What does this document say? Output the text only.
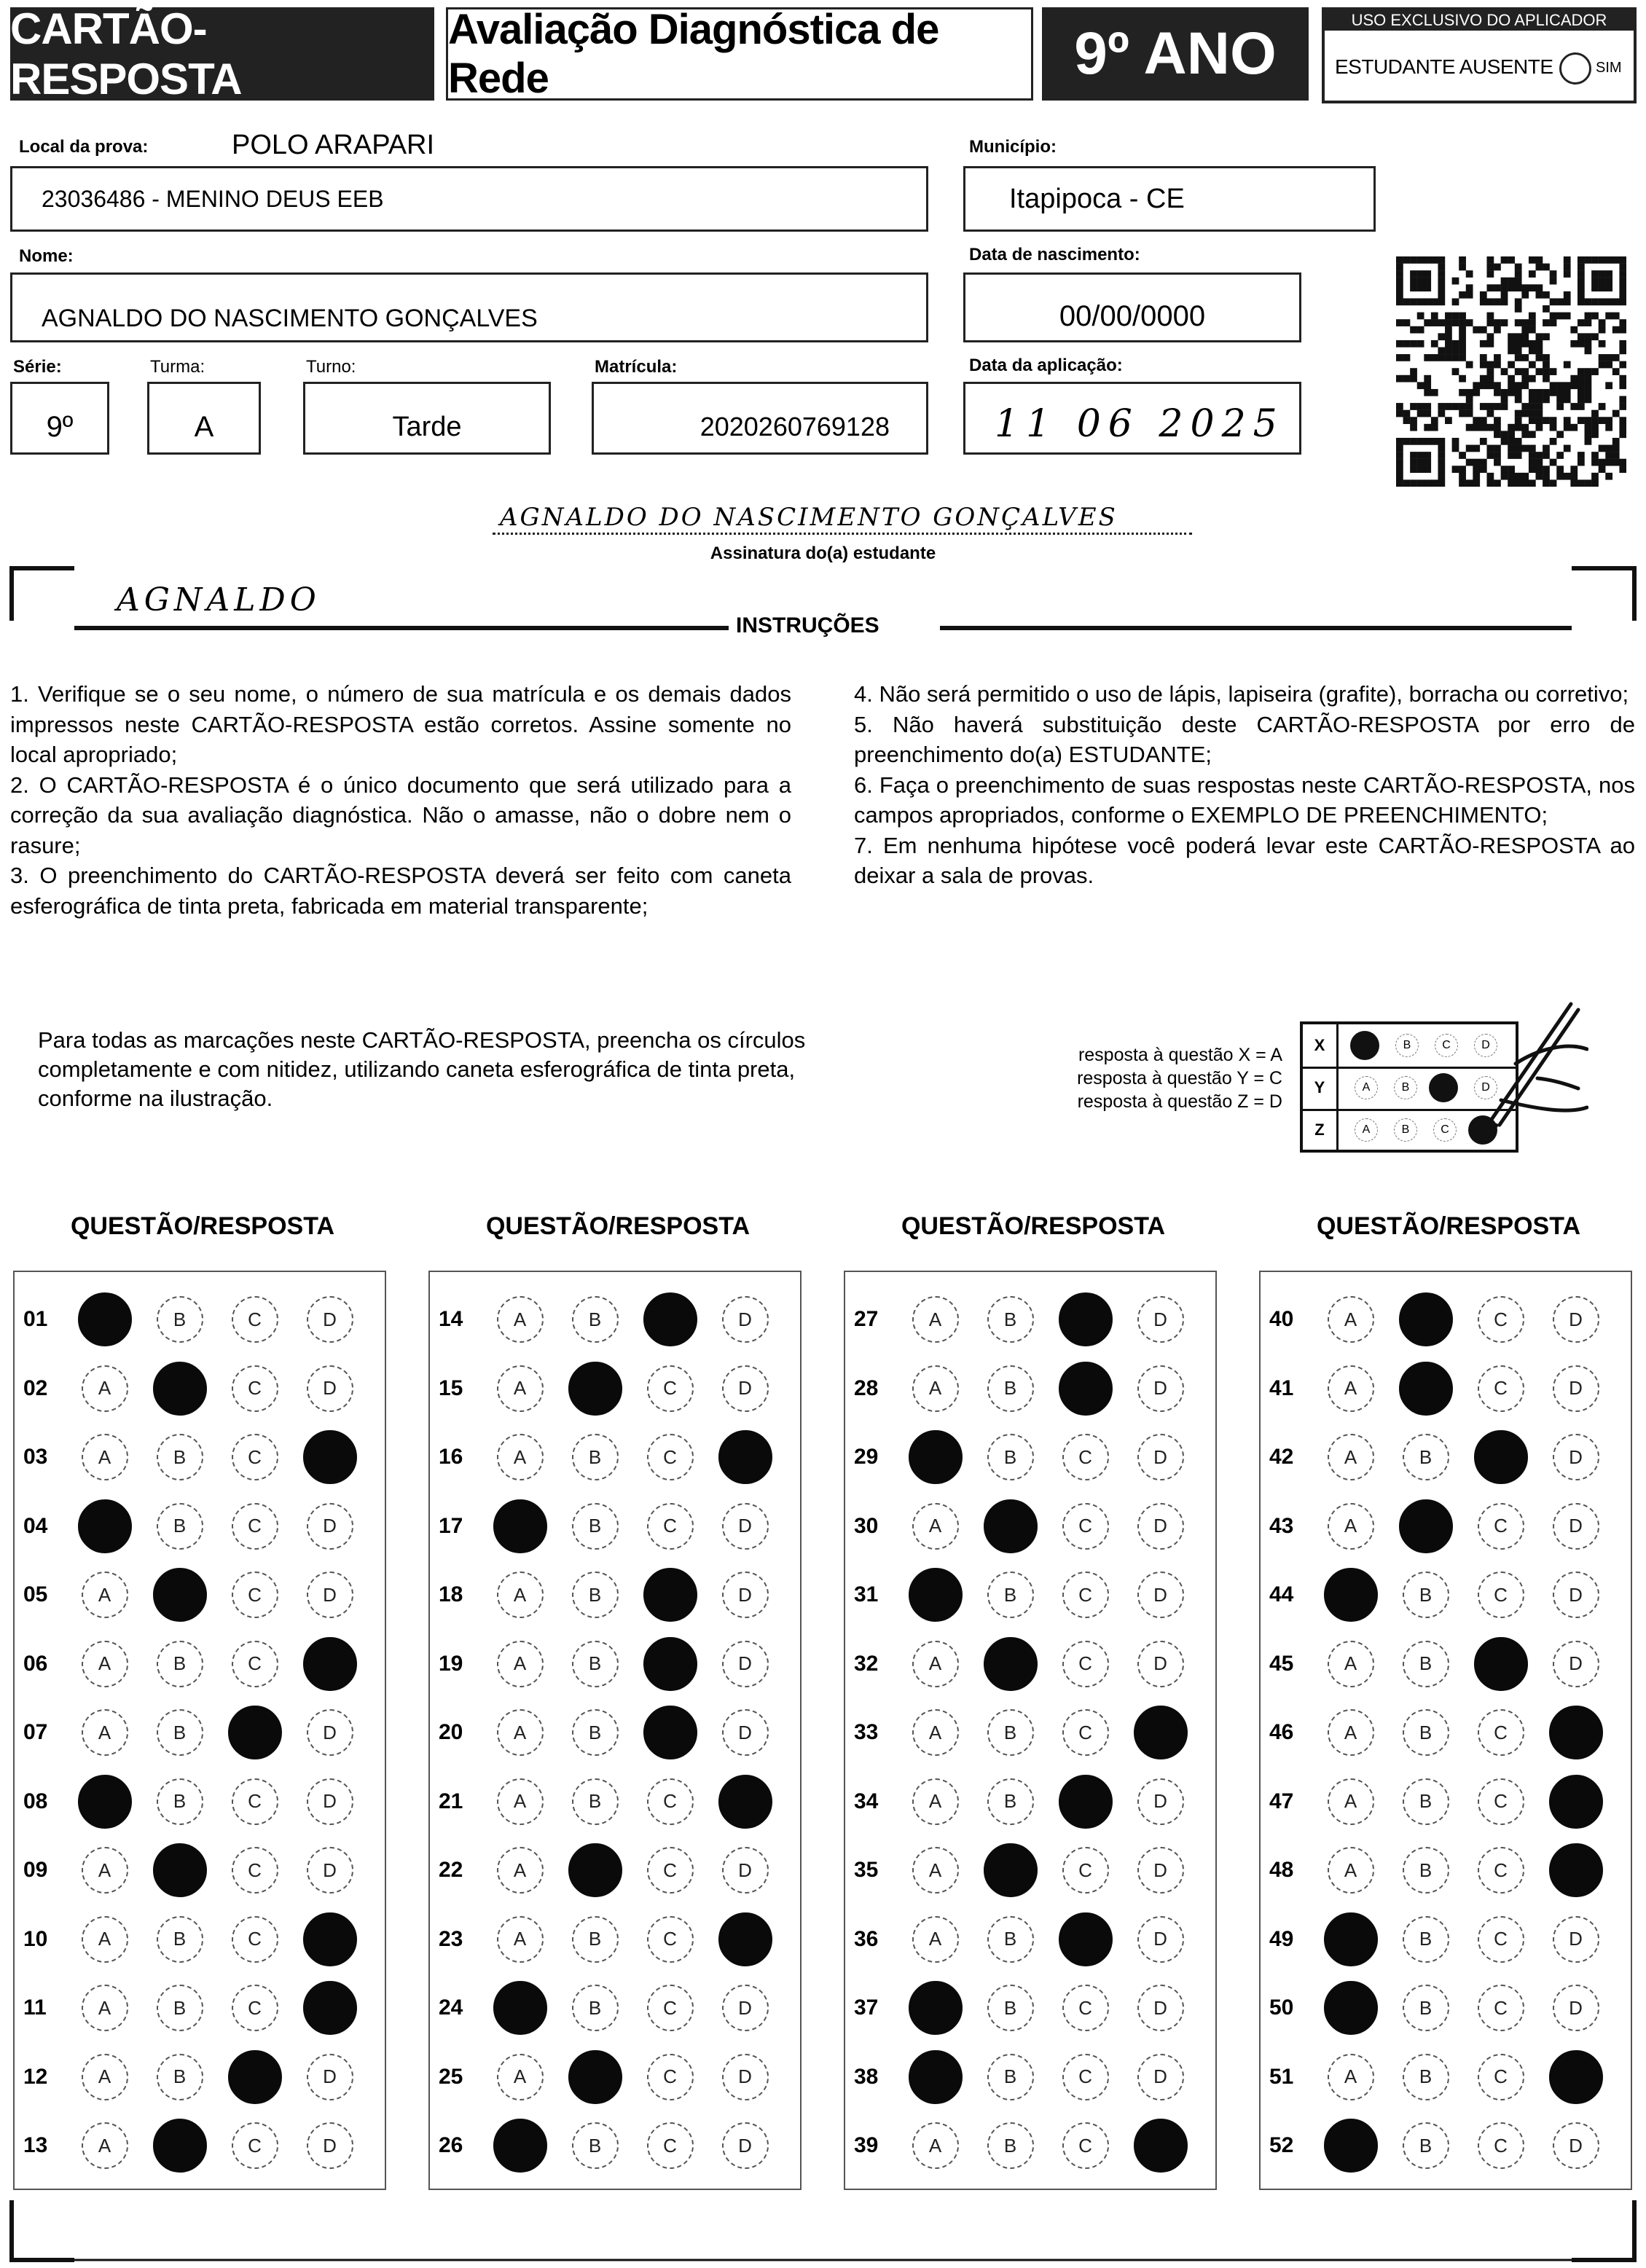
CARTÃO-RESPOSTA
Avaliação Diagnóstica de Rede	9º ANO
USO EXCLUSIVO DO APLICADOR
ESTUDANTE AUSENTE	SIM
Local da prova:	POLO ARAPARI
23036486 - MENINO DEUS EEB
Município:
Itapipoca - CE
Nome:
AGNALDO DO NASCIMENTO GONÇALVES
Data de nascimento:
00/00/0000
Série:
9º
Turma:
A
Turno:
Tarde
Matrícula:
2020260769128
Data da aplicação:
11 06 2025
AGNALDO DO NASCIMENTO GONÇALVES
Assinatura do(a) estudante
AGNALDO
INSTRUÇÕES
1. Verifique se o seu nome, o número de sua matrícula e os demais dados impressos neste CARTÃO-RESPOSTA estão corretos. Assine somente no local apropriado;
2. O CARTÃO-RESPOSTA é o único documento que será utilizado para a correção da sua avaliação diagnóstica. Não o amasse, não o dobre nem o rasure;
3. O preenchimento do CARTÃO-RESPOSTA deverá ser feito com caneta esferográfica de tinta preta, fabricada em material transparente;
4. Não será permitido o uso de lápis, lapiseira (grafite), borracha ou corretivo;
5. Não haverá substituição deste CARTÃO-RESPOSTA por erro de preenchimento do(a) ESTUDANTE;
6. Faça o preenchimento de suas respostas neste CARTÃO-RESPOSTA, nos campos apropriados, conforme o EXEMPLO DE PREENCHIMENTO;
7. Em nenhuma hipótese você poderá levar este CARTÃO-RESPOSTA ao deixar a sala de provas.
Para todas as marcações neste CARTÃO-RESPOSTA, preencha os círculos completamente e com nitidez, utilizando caneta esferográfica de tinta preta, conforme na ilustração.
resposta à questão X = A
resposta à questão Y = C
resposta à questão Z = D
X	B	C	D
Y	A	B	D
Z	A	B	C
QUESTÃO/RESPOSTA
01	B	C	D
02	A	C	D
03	A	B	C
04	B	C	D
05	A	C	D
06	A	B	C
07	A	B	D
08	B	C	D
09	A	C	D
10	A	B	C
11	A	B	C
12	A	B	D
13	A	C	D
QUESTÃO/RESPOSTA
14	A	B	D
15	A	C	D
16	A	B	C
17	B	C	D
18	A	B	D
19	A	B	D
20	A	B	D
21	A	B	C
22	A	C	D
23	A	B	C
24	B	C	D
25	A	C	D
26	B	C	D
QUESTÃO/RESPOSTA
27	A	B	D
28	A	B	D
29	B	C	D
30	A	C	D
31	B	C	D
32	A	C	D
33	A	B	C
34	A	B	D
35	A	C	D
36	A	B	D
37	B	C	D
38	B	C	D
39	A	B	C
QUESTÃO/RESPOSTA
40	A	C	D
41	A	C	D
42	A	B	D
43	A	C	D
44	B	C	D
45	A	B	D
46	A	B	C
47	A	B	C
48	A	B	C
49	B	C	D
50	B	C	D
51	A	B	C
52	B	C	D
